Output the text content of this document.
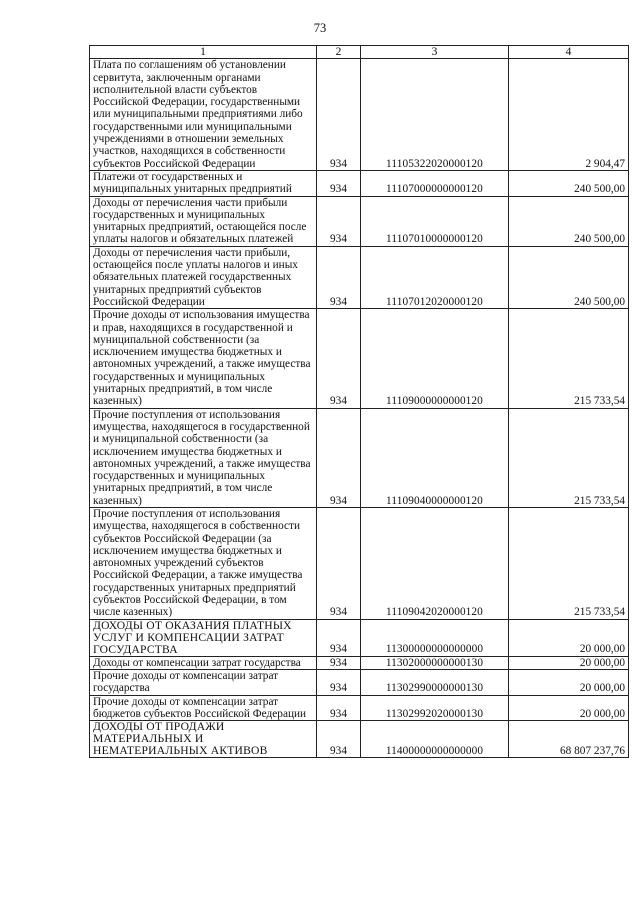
73
1	2	3	4
Плата по соглашениям об установлении сервитута, заключенным органами исполнительной власти субъектов Российской Федерации, государственными или муниципальными предприятиями либо государственными или муниципальными учреждениями в отношении земельных участков, находящихся в собственности субъектов Российской Федерации	934	11105322020000120	2 904,47
Платежи от государственных и муниципальных унитарных предприятий	934	11107000000000120	240 500,00
Доходы от перечисления части прибыли государственных и муниципальных унитарных предприятий, остающейся после уплаты налогов и обязательных платежей	934	11107010000000120	240 500,00
Доходы от перечисления части прибыли, остающейся после уплаты налогов и иных обязательных платежей государственных унитарных предприятий субъектов Российской Федерации	934	11107012020000120	240 500,00
Прочие доходы от использования имущества и прав, находящихся в государственной и муниципальной собственности (за исключением имущества бюджетных и автономных учреждений, а также имущества государственных и муниципальных унитарных предприятий, в том числе казенных)	934	11109000000000120	215 733,54
Прочие поступления от использования имущества, находящегося в государственной и муниципальной собственности (за исключением имущества бюджетных и автономных учреждений, а также имущества государственных и муниципальных унитарных предприятий, в том числе казенных)	934	11109040000000120	215 733,54
Прочие поступления от использования имущества, находящегося в собственности субъектов Российской Федерации (за исключением имущества бюджетных и автономных учреждений субъектов Российской Федерации, а также имущества государственных унитарных предприятий субъектов Российской Федерации, в том числе казенных)	934	11109042020000120	215 733,54
ДОХОДЫ ОТ ОКАЗАНИЯ ПЛАТНЫХ УСЛУГ И КОМПЕНСАЦИИ ЗАТРАТ ГОСУДАРСТВА	934	11300000000000000	20 000,00
Доходы от компенсации затрат государства	934	11302000000000130	20 000,00
Прочие доходы от компенсации затрат государства	934	11302990000000130	20 000,00
Прочие доходы от компенсации затрат бюджетов субъектов Российской Федерации	934	11302992020000130	20 000,00
ДОХОДЫ ОТ ПРОДАЖИ МАТЕРИАЛЬНЫХ И НЕМАТЕРИАЛЬНЫХ АКТИВОВ	934	11400000000000000	68 807 237,76
